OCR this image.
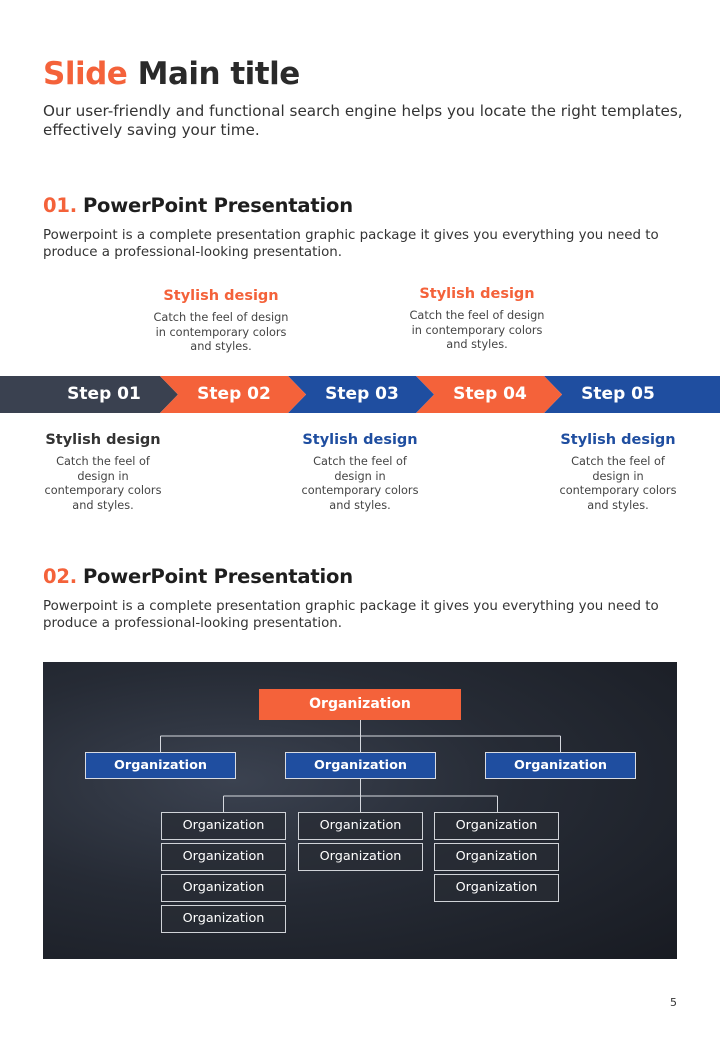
Slide Main title

Our user-friendly and functional search engine helps you locate the right templates, effectively saving your time.

01. PowerPoint Presentation

Powerpoint is a complete presentation graphic package it gives you everything you need to produce a professional-looking presentation.

Stylish design

Catch the feel of design in contemporary colors and styles.

Stylish design

Catch the feel of design in contemporary colors and styles.

Step 01	Step 02	Step 03	Step 04	Step 05

Stylish design

Catch the feel of design in contemporary colors and styles.

Stylish design

Catch the feel of design in contemporary colors and styles.

Stylish design

Catch the feel of design in contemporary colors and styles.

02. PowerPoint Presentation

Powerpoint is a complete presentation graphic package it gives you everything you need to produce a professional-looking presentation.

Organization
Organization	Organization	Organization
Organization
Organization
Organization
Organization
Organization
Organization
Organization
Organization
Organization
5
